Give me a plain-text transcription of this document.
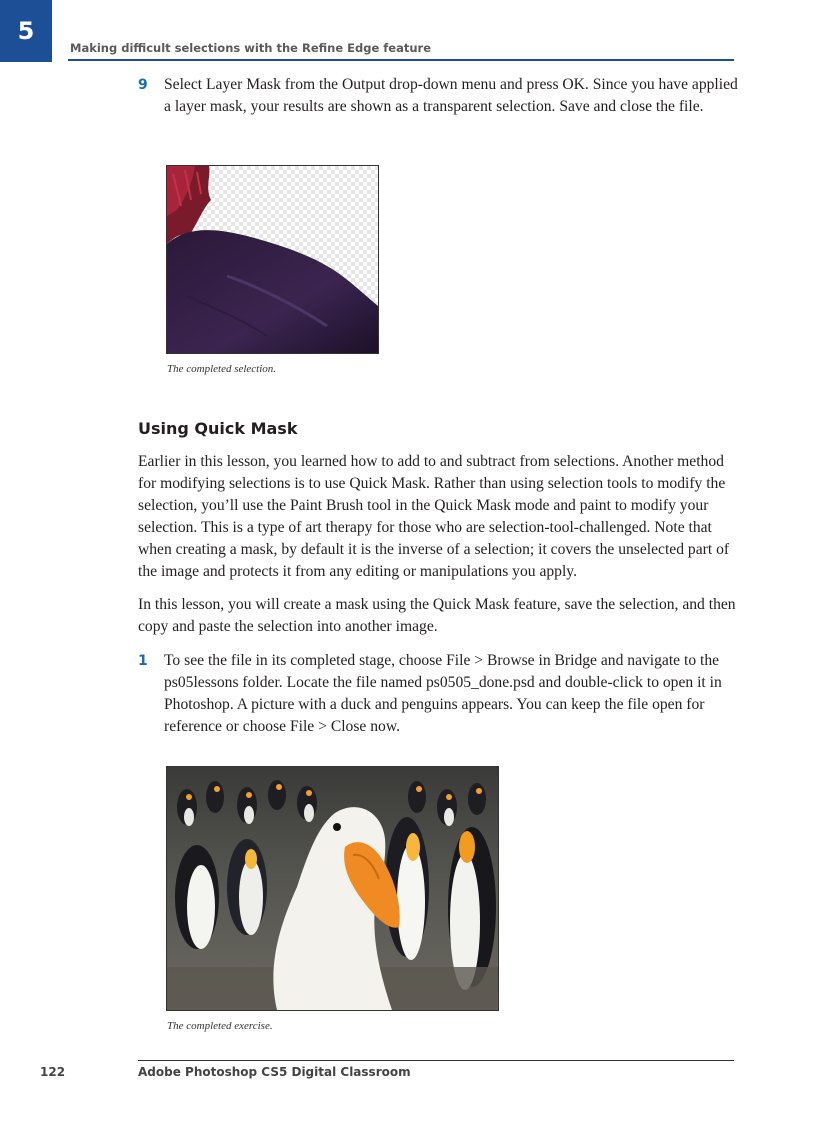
5
Making difficult selections with the Refine Edge feature
9 Select Layer Mask from the Output drop-down menu and press OK. Since you have applied a layer mask, your results are shown as a transparent selection. Save and close the file.
The completed selection.
Using Quick Mask

Earlier in this lesson, you learned how to add to and subtract from selections. Another method for modifying selections is to use Quick Mask. Rather than using selection tools to modify the selection, you’ll use the Paint Brush tool in the Quick Mask mode and paint to modify your selection. This is a type of art therapy for those who are selection-tool-challenged. Note that when creating a mask, by default it is the inverse of a selection; it covers the unselected part of the image and protects it from any editing or manipulations you apply.

In this lesson, you will create a mask using the Quick Mask feature, save the selection, and then copy and paste the selection into another image.

1 To see the file in its completed stage, choose File > Browse in Bridge and navigate to the ps05lessons folder. Locate the file named ps0505_done.psd and double-click to open it in Photoshop. A picture with a duck and penguins appears. You can keep the file open for reference or choose File > Close now.
The completed exercise.
122	Adobe Photoshop CS5 Digital Classroom
